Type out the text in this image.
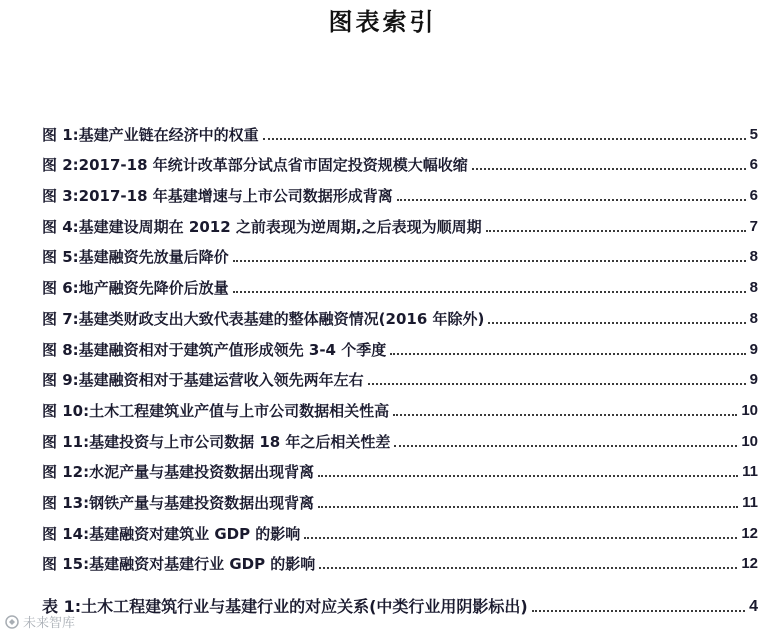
图表索引
图 1: 基建产业链在经济中的权重	5
图 2: 2017-18 年统计改革部分试点省市固定投资规模大幅收缩	6
图 3: 2017-18 年基建增速与上市公司数据形成背离	6
图 4: 基建建设周期在 2012 之前表现为逆周期,之后表现为顺周期	7
图 5: 基建融资先放量后降价	8
图 6: 地产融资先降价后放量	8
图 7: 基建类财政支出大致代表基建的整体融资情况(2016 年除外)	8
图 8: 基建融资相对于建筑产值形成领先 3-4 个季度	9
图 9: 基建融资相对于基建运营收入领先两年左右	9
图 10: 土木工程建筑业产值与上市公司数据相关性高	10
图 11: 基建投资与上市公司数据 18 年之后相关性差	10
图 12: 水泥产量与基建投资数据出现背离	11
图 13: 钢铁产量与基建投资数据出现背离	11
图 14: 基建融资对建筑业 GDP 的影响	12
图 15: 基建融资对基建行业 GDP 的影响	12
表 1: 土木工程建筑行业与基建行业的对应关系(中类行业用阴影标出)	4
未来智库
